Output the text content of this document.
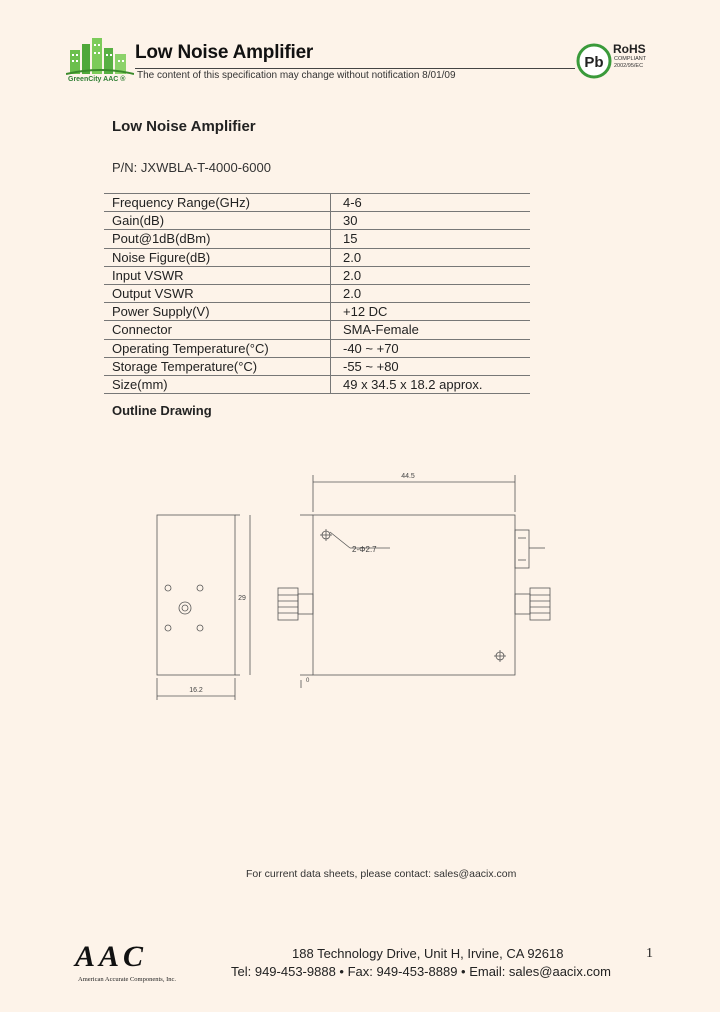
GreenCity AAC ®
Low Noise Amplifier
The content of this specification may change without notification 8/01/09
Pb
RoHS
COMPLIANT
2002/95/EC
Low Noise Amplifier
P/N: JXWBLA-T-4000-6000
Frequency Range(GHz)	4-6
Gain(dB)	30
Pout@1dB(dBm)	15
Noise Figure(dB)	2.0
Input VSWR	2.0
Output VSWR	2.0
Power Supply(V)	+12 DC
Connector	SMA-Female
Operating Temperature(°C)	-40 ~ +70
Storage Temperature(°C)	-55 ~ +80
Size(mm)	49 x 34.5 x 18.2 approx.
Outline Drawing
44.5
29
16.2
2-Φ2.7
0
For current data sheets, please contact: sales@aacix.com
AAC
American Accurate Components, Inc.
188 Technology Drive, Unit H, Irvine, CA 92618
Tel: 949-453-9888 • Fax: 949-453-8889 • Email: sales@aacix.com
1
